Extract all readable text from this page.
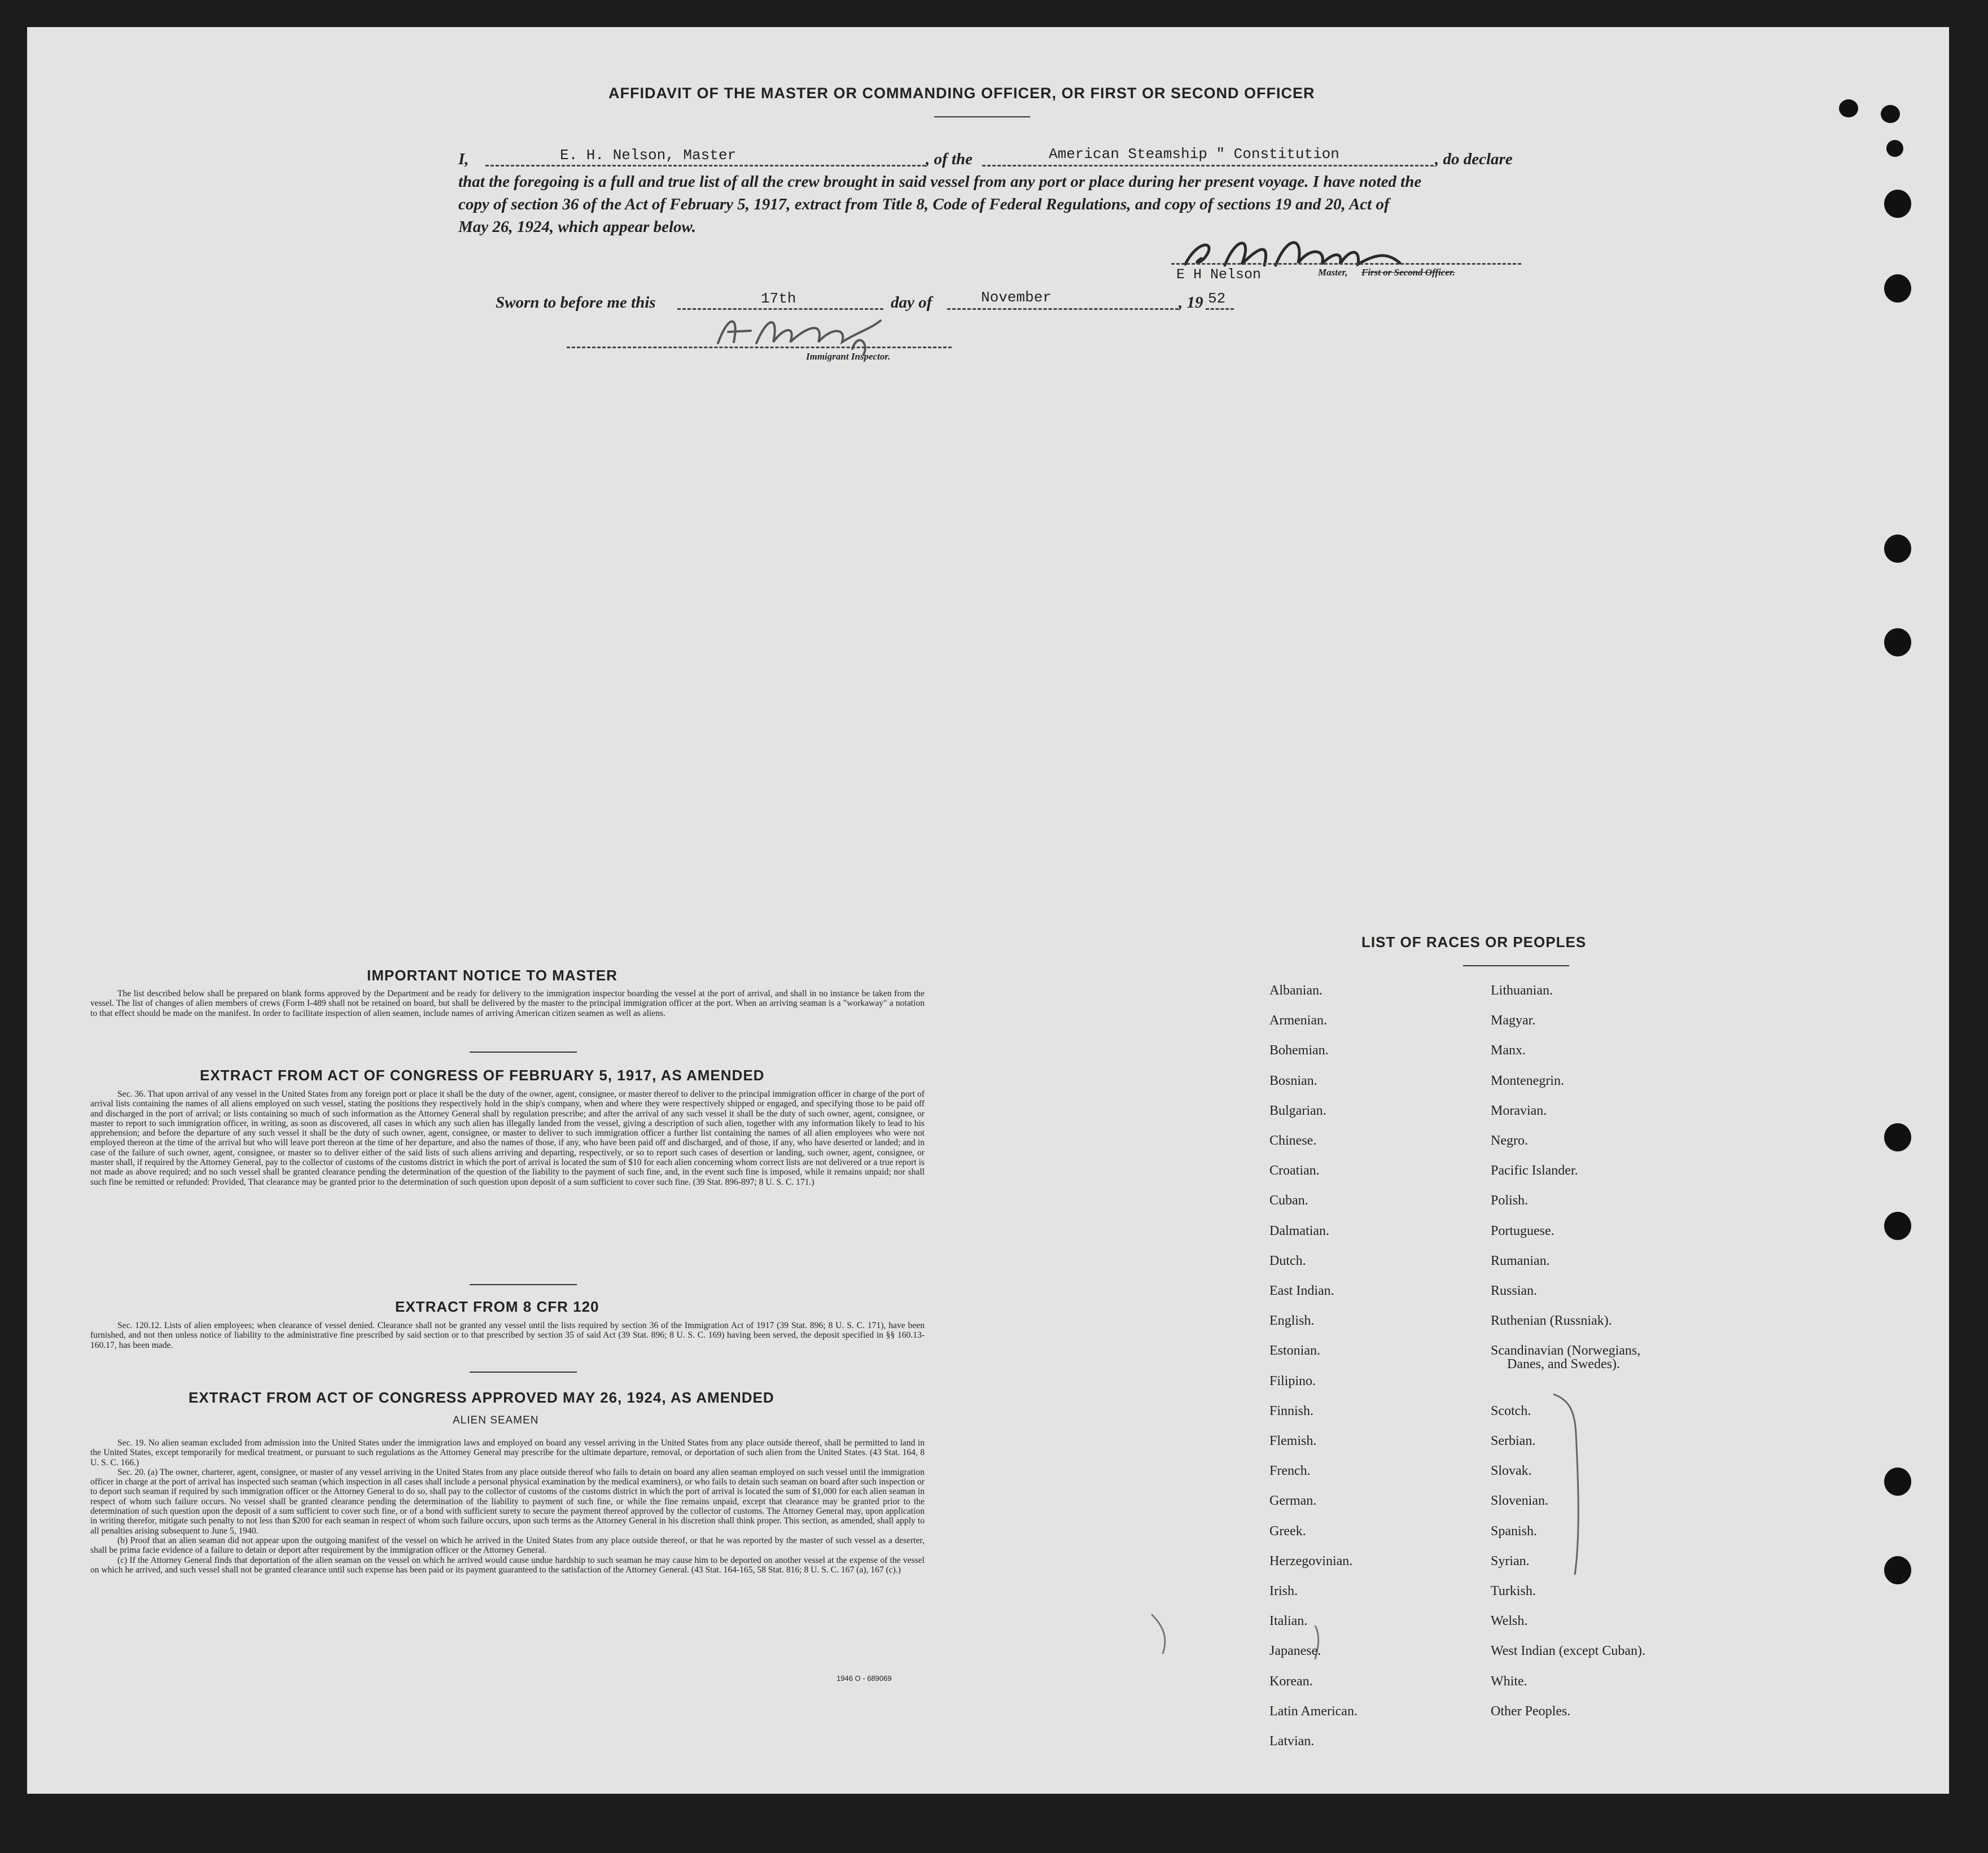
AFFIDAVIT OF THE MASTER OR COMMANDING OFFICER, OR FIRST OR SECOND OFFICER
I,	E. H. Nelson, Master	, of the	American Steamship " Constitution	, do declare
that the foregoing is a full and true list of all the crew brought in said vessel from any port or place during her present voyage. I have noted the
copy of section 36 of the Act of February 5, 1917, extract from Title 8, Code of Federal Regulations, and copy of sections 19 and 20, Act of
May 26, 1924, which appear below.
E H Nelson	Master, First or Second Officer.
Sworn to before me this	17th	day of	November	, 19 52
Immigrant Inspector.
IMPORTANT NOTICE TO MASTER

The list described below shall be prepared on blank forms approved by the Department and be ready for delivery to the immigration inspector boarding the vessel at the port of arrival, and shall in no instance be taken from the vessel. The list of changes of alien members of crews (Form I-489 shall not be retained on board, but shall be delivered by the master to the principal immigration officer at the port. When an arriving seaman is a "workaway" a notation to that effect should be made on the manifest. In order to facilitate inspection of alien seamen, include names of arriving American citizen seamen as well as aliens.

EXTRACT FROM ACT OF CONGRESS OF FEBRUARY 5, 1917, AS AMENDED

Sec. 36. That upon arrival of any vessel in the United States from any foreign port or place it shall be the duty of the owner, agent, consignee, or master thereof to deliver to the principal immigration officer in charge of the port of arrival lists containing the names of all aliens employed on such vessel, stating the positions they respectively hold in the ship's company, when and where they were respectively shipped or engaged, and specifying those to be paid off and discharged in the port of arrival; or lists containing so much of such information as the Attorney General shall by regulation prescribe; and after the arrival of any such vessel it shall be the duty of such owner, agent, consignee, or master to report to such immigration officer, in writing, as soon as discovered, all cases in which any such alien has illegally landed from the vessel, giving a description of such alien, together with any information likely to lead to his apprehension; and before the departure of any such vessel it shall be the duty of such owner, agent, consignee, or master to deliver to such immigration officer a further list containing the names of all alien employees who were not employed thereon at the time of the arrival but who will leave port thereon at the time of her departure, and also the names of those, if any, who have been paid off and discharged, and of those, if any, who have deserted or landed; and in case of the failure of such owner, agent, consignee, or master so to deliver either of the said lists of such aliens arriving and departing, respectively, or so to report such cases of desertion or landing, such owner, agent, consignee, or master shall, if required by the Attorney General, pay to the collector of customs of the customs district in which the port of arrival is located the sum of $10 for each alien concerning whom correct lists are not delivered or a true report is not made as above required; and no such vessel shall be granted clearance pending the determination of the question of the liability to the payment of such fine, and, in the event such fine is imposed, while it remains unpaid; nor shall such fine be remitted or refunded: Provided, That clearance may be granted prior to the determination of such question upon deposit of a sum sufficient to cover such fine. (39 Stat. 896-897; 8 U. S. C. 171.)

EXTRACT FROM 8 CFR 120

Sec. 120.12. Lists of alien employees; when clearance of vessel denied. Clearance shall not be granted any vessel until the lists required by section 36 of the Immigration Act of 1917 (39 Stat. 896; 8 U. S. C. 171), have been furnished, and not then unless notice of liability to the administrative fine prescribed by said section or to that prescribed by section 35 of said Act (39 Stat. 896; 8 U. S. C. 169) having been served, the deposit specified in §§ 160.13-160.17, has been made.

EXTRACT FROM ACT OF CONGRESS APPROVED MAY 26, 1924, AS AMENDED
ALIEN SEAMEN

Sec. 19. No alien seaman excluded from admission into the United States under the immigration laws and employed on board any vessel arriving in the United States from any place outside thereof, shall be permitted to land in the United States, except temporarily for medical treatment, or pursuant to such regulations as the Attorney General may prescribe for the ultimate departure, removal, or deportation of such alien from the United States. (43 Stat. 164, 8 U. S. C. 166.)

Sec. 20. (a) The owner, charterer, agent, consignee, or master of any vessel arriving in the United States from any place outside thereof who fails to detain on board any alien seaman employed on such vessel until the immigration officer in charge at the port of arrival has inspected such seaman (which inspection in all cases shall include a personal physical examination by the medical examiners), or who fails to detain such seaman on board after such inspection or to deport such seaman if required by such immigration officer or the Attorney General to do so, shall pay to the collector of customs of the customs district in which the port of arrival is located the sum of $1,000 for each alien seaman in respect of whom such failure occurs. No vessel shall be granted clearance pending the determination of the liability to payment of such fine, or while the fine remains unpaid, except that clearance may be granted prior to the determination of such question upon the deposit of a sum sufficient to cover such fine, or of a bond with sufficient surety to secure the payment thereof approved by the collector of customs. The Attorney General may, upon application in writing therefor, mitigate such penalty to not less than $200 for each seaman in respect of whom such failure occurs, upon such terms as the Attorney General in his discretion shall think proper. This section, as amended, shall apply to all penalties arising subsequent to June 5, 1940.

(b) Proof that an alien seaman did not appear upon the outgoing manifest of the vessel on which he arrived in the United States from any place outside thereof, or that he was reported by the master of such vessel as a deserter, shall be prima facie evidence of a failure to detain or deport after requirement by the immigration officer or the Attorney General.

(c) If the Attorney General finds that deportation of the alien seaman on the vessel on which he arrived would cause undue hardship to such seaman he may cause him to be deported on another vessel at the expense of the vessel on which he arrived, and such vessel shall not be granted clearance until such expense has been paid or its payment guaranteed to the satisfaction of the Attorney General. (43 Stat. 164-165, 58 Stat. 816; 8 U. S. C. 167 (a), 167 (c).)

1946 O - 689069
LIST OF RACES OR PEOPLES
Danes, and Swedes).
Albanian.
Armenian.
Bohemian.
Bosnian.
Bulgarian.
Chinese.
Croatian.
Cuban.
Dalmatian.
Dutch.
East Indian.
English.
Estonian.
Filipino.
Finnish.
Flemish.
French.
German.
Greek.
Herzegovinian.
Irish.
Italian.
Japanese.
Korean.
Latin American.
Latvian.
Lithuanian.
Magyar.
Manx.
Montenegrin.
Moravian.
Negro.
Pacific Islander.
Polish.
Portuguese.
Rumanian.
Russian.
Ruthenian (Russniak).
Scandinavian (Norwegians,
Scotch.
Serbian.
Slovak.
Slovenian.
Spanish.
Syrian.
Turkish.
Welsh.
West Indian (except Cuban).
White.
Other Peoples.
